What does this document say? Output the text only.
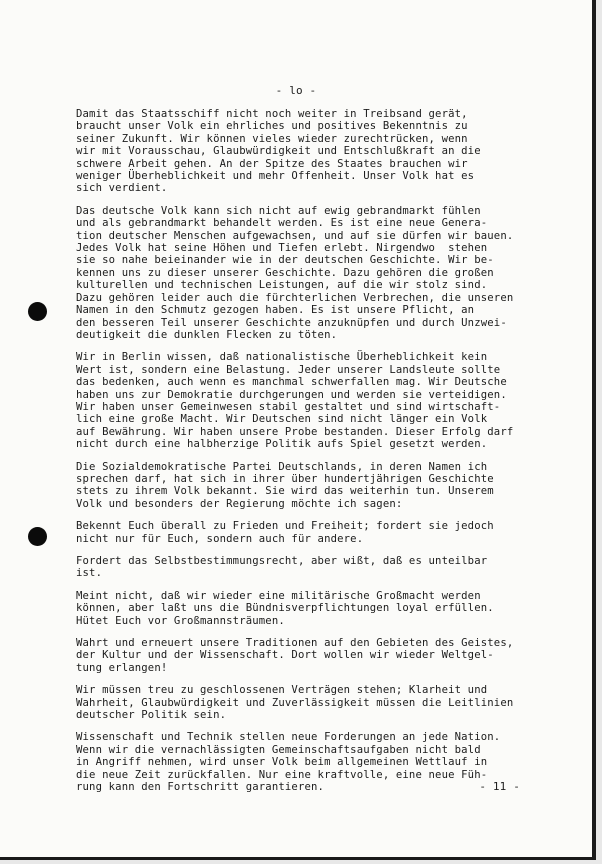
- lo -

Damit das Staatsschiff nicht noch weiter in Treibsand gerät,
braucht unser Volk ein ehrliches und positives Bekenntnis zu
seiner Zukunft. Wir können vieles wieder zurechtrücken, wenn
wir mit Vorausschau, Glaubwürdigkeit und Entschlußkraft an die
schwere Arbeit gehen. An der Spitze des Staates brauchen wir
weniger Überheblichkeit und mehr Offenheit. Unser Volk hat es
sich verdient.

Das deutsche Volk kann sich nicht auf ewig gebrandmarkt fühlen
und als gebrandmarkt behandelt werden. Es ist eine neue Genera-
tion deutscher Menschen aufgewachsen, und auf sie dürfen wir bauen.
Jedes Volk hat seine Höhen und Tiefen erlebt. Nirgendwo  stehen
sie so nahe beieinander wie in der deutschen Geschichte. Wir be-
kennen uns zu dieser unserer Geschichte. Dazu gehören die großen
kulturellen und technischen Leistungen, auf die wir stolz sind.
Dazu gehören leider auch die fürchterlichen Verbrechen, die unseren
Namen in den Schmutz gezogen haben. Es ist unsere Pflicht, an
den besseren Teil unserer Geschichte anzuknüpfen und durch Unzwei-
deutigkeit die dunklen Flecken zu töten.

Wir in Berlin wissen, daß nationalistische Überheblichkeit kein
Wert ist, sondern eine Belastung. Jeder unserer Landsleute sollte
das bedenken, auch wenn es manchmal schwerfallen mag. Wir Deutsche
haben uns zur Demokratie durchgerungen und werden sie verteidigen.
Wir haben unser Gemeinwesen stabil gestaltet und sind wirtschaft-
lich eine große Macht. Wir Deutschen sind nicht länger ein Volk
auf Bewährung. Wir haben unsere Probe bestanden. Dieser Erfolg darf
nicht durch eine halbherzige Politik aufs Spiel gesetzt werden.

Die Sozialdemokratische Partei Deutschlands, in deren Namen ich
sprechen darf, hat sich in ihrer über hundertjährigen Geschichte
stets zu ihrem Volk bekannt. Sie wird das weiterhin tun. Unserem
Volk und besonders der Regierung möchte ich sagen:

Bekennt Euch überall zu Frieden und Freiheit; fordert sie jedoch
nicht nur für Euch, sondern auch für andere.

Fordert das Selbstbestimmungsrecht, aber wißt, daß es unteilbar
ist.

Meint nicht, daß wir wieder eine militärische Großmacht werden
können, aber laßt uns die Bündnisverpflichtungen loyal erfüllen.
Hütet Euch vor Großmannsträumen.

Wahrt und erneuert unsere Traditionen auf den Gebieten des Geistes,
der Kultur und der Wissenschaft. Dort wollen wir wieder Weltgel-
tung erlangen!

Wir müssen treu zu geschlossenen Verträgen stehen; Klarheit und
Wahrheit, Glaubwürdigkeit und Zuverlässigkeit müssen die Leitlinien
deutscher Politik sein.

Wissenschaft und Technik stellen neue Forderungen an jede Nation.
Wenn wir die vernachlässigten Gemeinschaftsaufgaben nicht bald
in Angriff nehmen, wird unser Volk beim allgemeinen Wettlauf in
die neue Zeit zurückfallen. Nur eine kraftvolle, eine neue Füh-
rung kann den Fortschritt garantieren.	- 11 -
